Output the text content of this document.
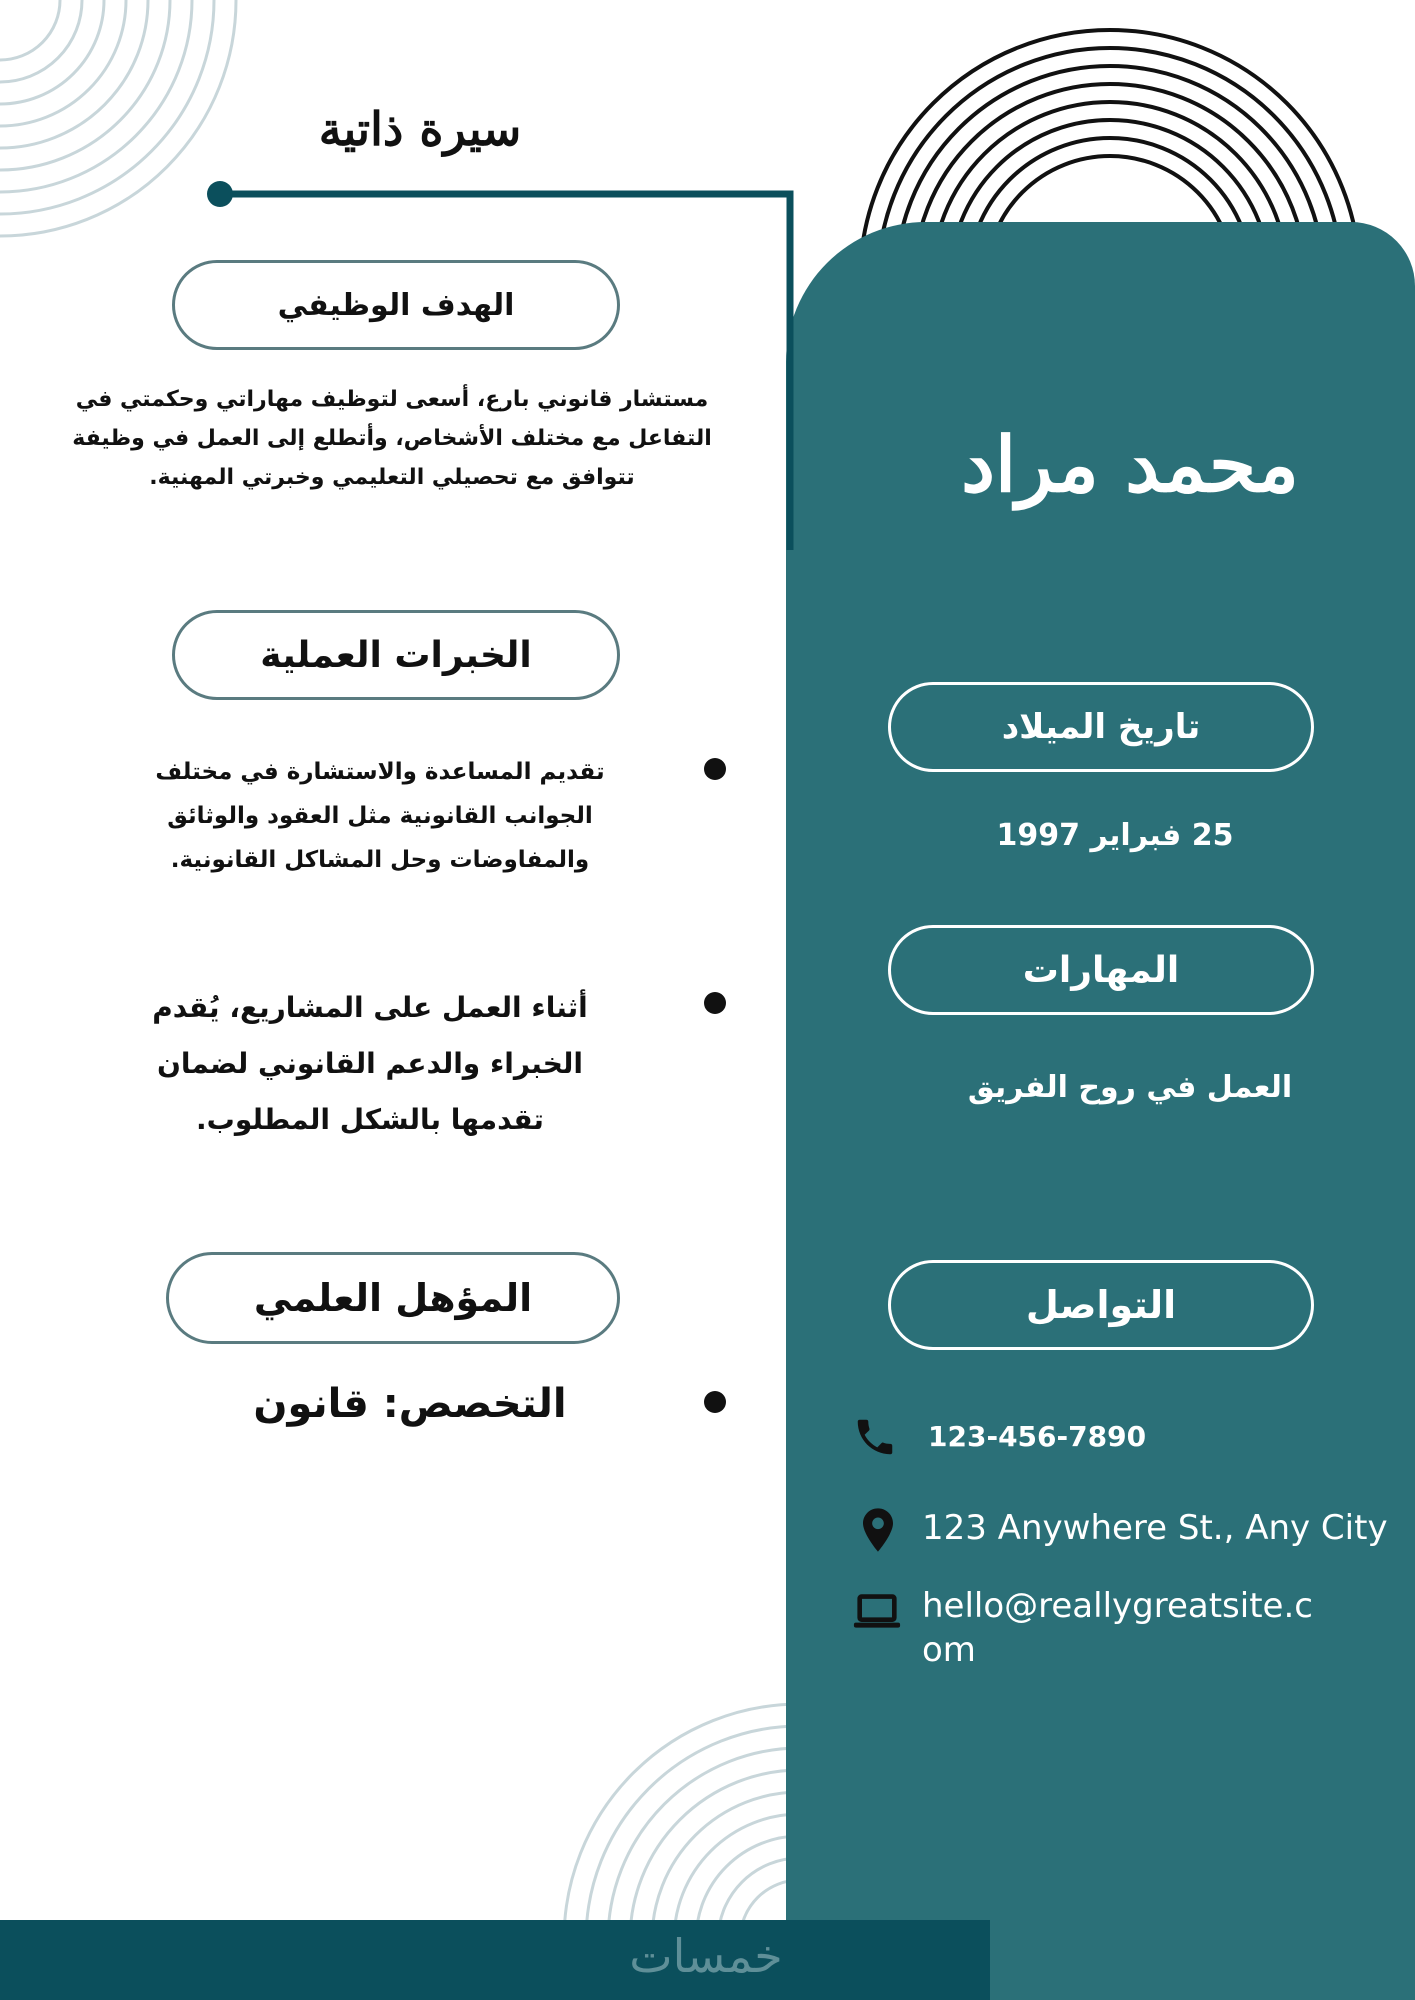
سيرة ذاتية
الهدف الوظيفي
مستشار قانوني بارع، أسعى لتوظيف مهاراتي وحكمتي في التفاعل مع مختلف الأشخاص، وأتطلع إلى العمل في وظيفة تتوافق مع تحصيلي التعليمي وخبرتي المهنية.
الخبرات العملية
تقديم المساعدة والاستشارة في مختلف الجوانب القانونية مثل العقود والوثائق والمفاوضات وحل المشاكل القانونية.
أثناء العمل على المشاريع، يُقدم الخبراء والدعم القانوني لضمان تقدمها بالشكل المطلوب.
المؤهل العلمي
التخصص: قانون
محمد مراد
تاريخ الميلاد
25 فبراير 1997
المهارات
العمل في روح الفريق
التواصل
123-456-7890
123 Anywhere St., Any City
hello@reallygreatsite.com
خمسات
